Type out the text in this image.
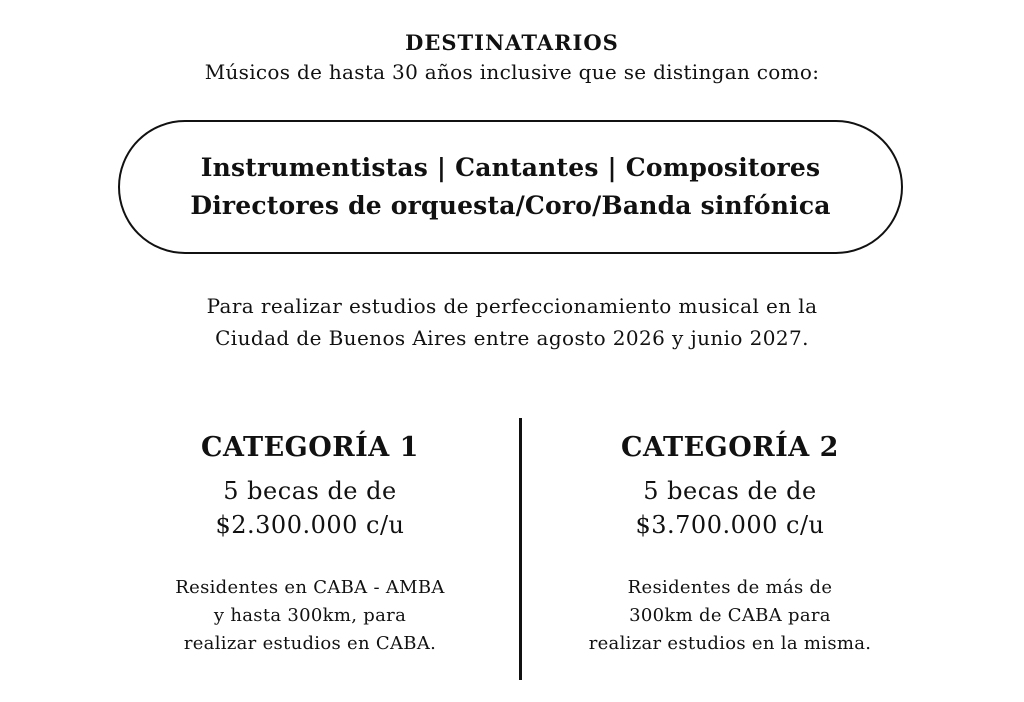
DESTINATARIOS
Músicos de hasta 30 años inclusive que se distingan como:
Instrumentistas | Cantantes | Compositores
Directores de orquesta/Coro/Banda sinfónica
Para realizar estudios de perfeccionamiento musical en la
Ciudad de Buenos Aires entre agosto 2026 y junio 2027.
CATEGORÍA 1
5 becas de de
$2.300.000 c/u
Residentes en CABA - AMBA
y hasta 300km, para
realizar estudios en CABA.
CATEGORÍA 2
5 becas de de
$3.700.000 c/u
Residentes de más de
300km de CABA para
realizar estudios en la misma.
